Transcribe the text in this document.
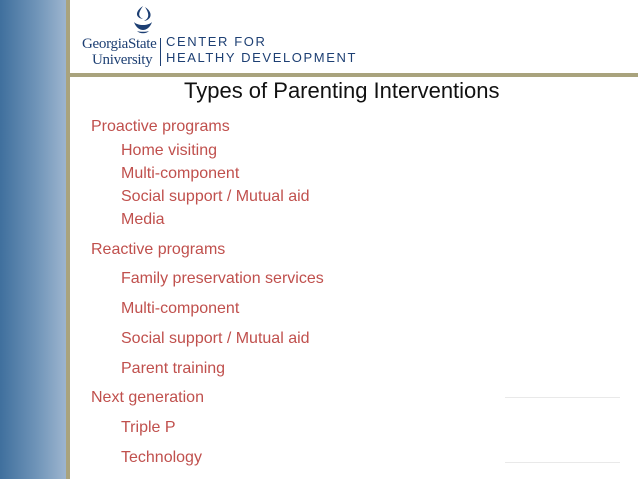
GeorgiaState
University
CENTER FOR
HEALTHY DEVELOPMENT
Types of Parenting Interventions
Proactive programs
Home visiting
Multi-component
Social support / Mutual aid
Media
Reactive programs
Family preservation services
Multi-component
Social support / Mutual aid
Parent training
Next generation
Triple P
Technology
